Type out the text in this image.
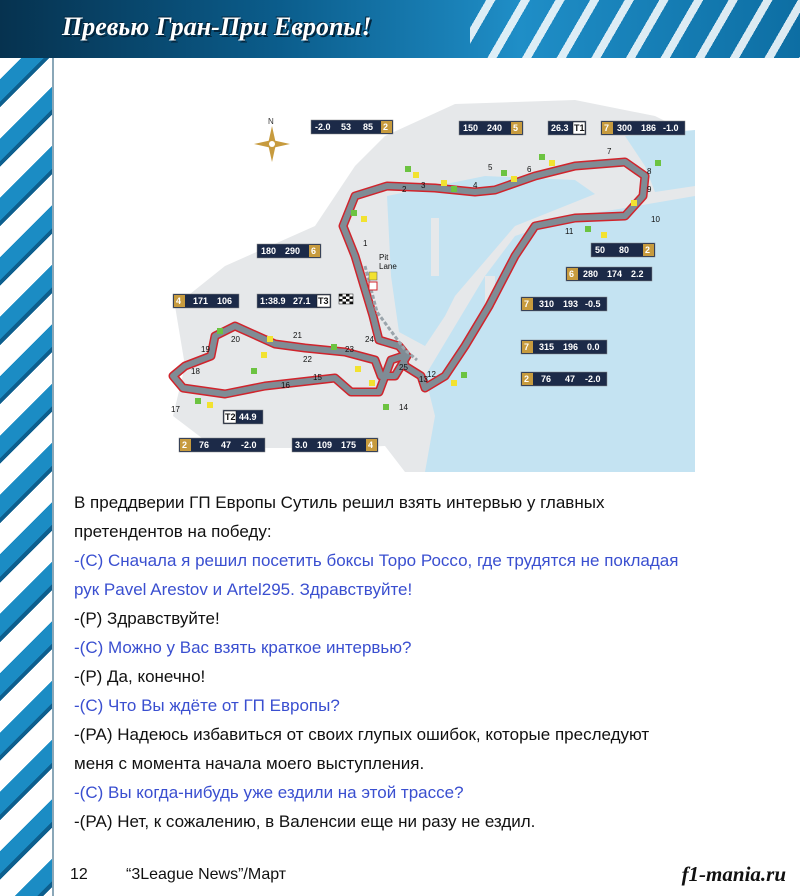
Превью Гран-При Европы!
N
Pit
Lane
1
2 3	4
5	6
7
8
9
10
11
12
13
14
15
16
17
18
19
20	21
22
23
24
25
-2.0 53 85 2	150 240 5	26.3 T1 7 300 186 -1.0
180 290 6	50 80 2
6 280 174 2.2
1:38.9 27.1 T3
4 171 106	7 310 193 -0.5
7 315 196 0.0
2 76 47 -2.0
T2 44.9
2 76 47 -2.0	3.0 109 175 4
В преддверии ГП Европы Сутиль решил взять интервью у главных
претендентов на победу:
-(С) Сначала я решил посетить боксы Торо Россо, где трудятся не покладая
рук Pavel Arestov и Artel295. Здравствуйте!
-(Р) Здравствуйте!
-(С) Можно у Вас взять краткое интервью?
-(Р) Да, конечно!
-(С) Что Вы ждёте от ГП Европы?
-(РА) Надеюсь избавиться от своих глупых ошибок, которые преследуют
меня с момента начала моего выступления.
-(С) Вы когда-нибудь уже ездили на этой трассе?
-(РА) Нет, к сожалению, в Валенсии еще ни разу не ездил.
12 “3League News”/Март	f1-mania.ru
